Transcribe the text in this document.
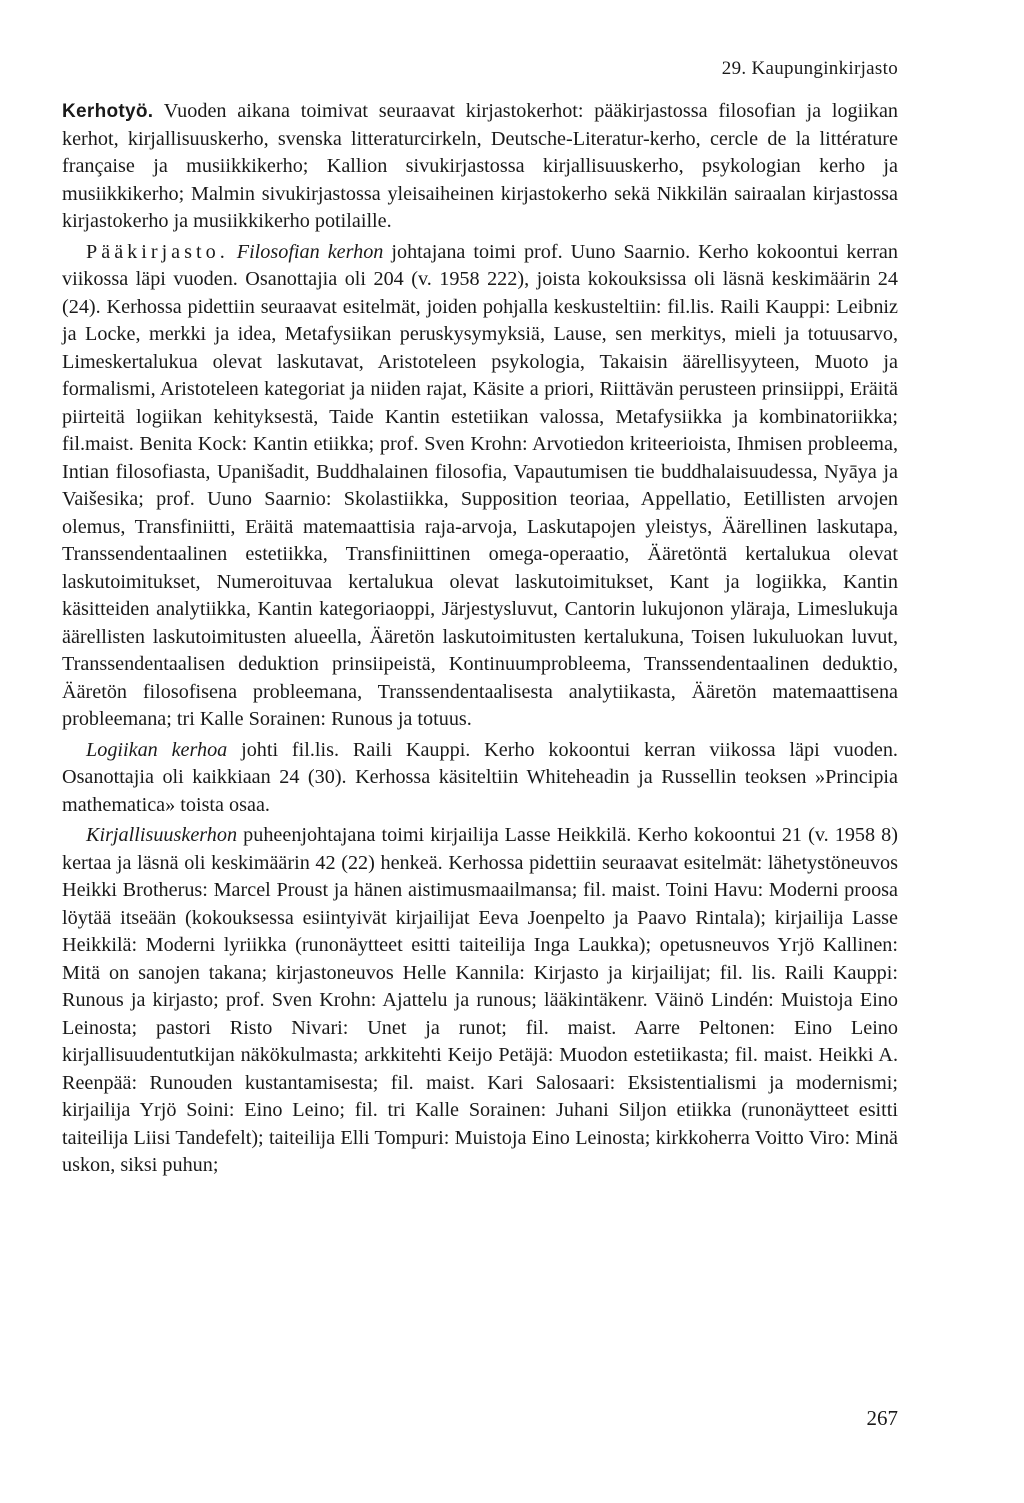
29. Kaupunginkirjasto

Kerhotyö. Vuoden aikana toimivat seuraavat kirjastokerhot: pääkirjastossa filosofian ja logiikan kerhot, kirjallisuuskerho, svenska litteraturcirkeln, Deutsche-Literatur-kerho, cercle de la littérature française ja musiikkikerho; Kallion sivukirjastossa kirjallisuuskerho, psykologian kerho ja musiikkikerho; Malmin sivukirjastossa yleisaiheinen kirjastokerho sekä Nikkilän sairaalan kirjastossa kirjastokerho ja musiikkikerho potilaille.

Pääkirjasto. Filosofian kerhon johtajana toimi prof. Uuno Saarnio. Kerho kokoontui kerran viikossa läpi vuoden. Osanottajia oli 204 (v. 1958 222), joista kokouksissa oli läsnä keskimäärin 24 (24). Kerhossa pidettiin seuraavat esitelmät, joiden pohjalla keskusteltiin: fil.lis. Raili Kauppi: Leibniz ja Locke, merkki ja idea, Metafysiikan peruskysymyksiä, Lause, sen merkitys, mieli ja totuusarvo, Limeskertalukua olevat laskutavat, Aristoteleen psykologia, Takaisin äärellisyyteen, Muoto ja formalismi, Aristoteleen kategoriat ja niiden rajat, Käsite a priori, Riittävän perusteen prinsiippi, Eräitä piirteitä logiikan kehityksestä, Taide Kantin estetiikan valossa, Metafysiikka ja kombinatoriikka; fil.maist. Benita Kock: Kantin etiikka; prof. Sven Krohn: Arvotiedon kriteerioista, Ihmisen probleema, Intian filosofiasta, Upanišadit, Buddhalainen filosofia, Vapautumisen tie buddhalaisuudessa, Nyāya ja Vaišesika; prof. Uuno Saarnio: Skolastiikka, Supposition teoriaa, Appellatio, Eetillisten arvojen olemus, Transfiniitti, Eräitä matemaattisia raja-arvoja, Laskutapojen yleistys, Äärellinen laskutapa, Transsendentaalinen estetiikka, Transfiniittinen omega-operaatio, Ääretöntä kertalukua olevat laskutoimitukset, Numeroituvaa kertalukua olevat laskutoimitukset, Kant ja logiikka, Kantin käsitteiden analytiikka, Kantin kategoriaoppi, Järjestysluvut, Cantorin lukujonon yläraja, Limeslukuja äärellisten laskutoimitusten alueella, Ääretön laskutoimitusten kertalukuna, Toisen lukuluokan luvut, Transsendentaalisen deduktion prinsiipeistä, Kontinuumprobleema, Transsendentaalinen deduktio, Ääretön filosofisena probleemana, Transsendentaalisesta analytiikasta, Ääretön matemaattisena probleemana; tri Kalle Sorainen: Runous ja totuus.

Logiikan kerhoa johti fil.lis. Raili Kauppi. Kerho kokoontui kerran viikossa läpi vuoden. Osanottajia oli kaikkiaan 24 (30). Kerhossa käsiteltiin Whiteheadin ja Russellin teoksen »Principia mathematica» toista osaa.

Kirjallisuuskerhon puheenjohtajana toimi kirjailija Lasse Heikkilä. Kerho kokoontui 21 (v. 1958 8) kertaa ja läsnä oli keskimäärin 42 (22) henkeä. Kerhossa pidettiin seuraavat esitelmät: lähetystöneuvos Heikki Brotherus: Marcel Proust ja hänen aistimusmaailmansa; fil. maist. Toini Havu: Moderni proosa löytää itseään (kokouksessa esiintyivät kirjailijat Eeva Joenpelto ja Paavo Rintala); kirjailija Lasse Heikkilä: Moderni lyriikka (runonäytteet esitti taiteilija Inga Laukka); opetusneuvos Yrjö Kallinen: Mitä on sanojen takana; kirjastoneuvos Helle Kannila: Kirjasto ja kirjailijat; fil. lis. Raili Kauppi: Runous ja kirjasto; prof. Sven Krohn: Ajattelu ja runous; lääkintäkenr. Väinö Lindén: Muistoja Eino Leinosta; pastori Risto Nivari: Unet ja runot; fil. maist. Aarre Peltonen: Eino Leino kirjallisuudentutkijan näkökulmasta; arkkitehti Keijo Petäjä: Muodon estetiikasta; fil. maist. Heikki A. Reenpää: Runouden kustantamisesta; fil. maist. Kari Salosaari: Eksistentialismi ja modernismi; kirjailija Yrjö Soini: Eino Leino; fil. tri Kalle Sorainen: Juhani Siljon etiikka (runonäytteet esitti taiteilija Liisi Tandefelt); taiteilija Elli Tompuri: Muistoja Eino Leinosta; kirkkoherra Voitto Viro: Minä uskon, siksi puhun;

267
